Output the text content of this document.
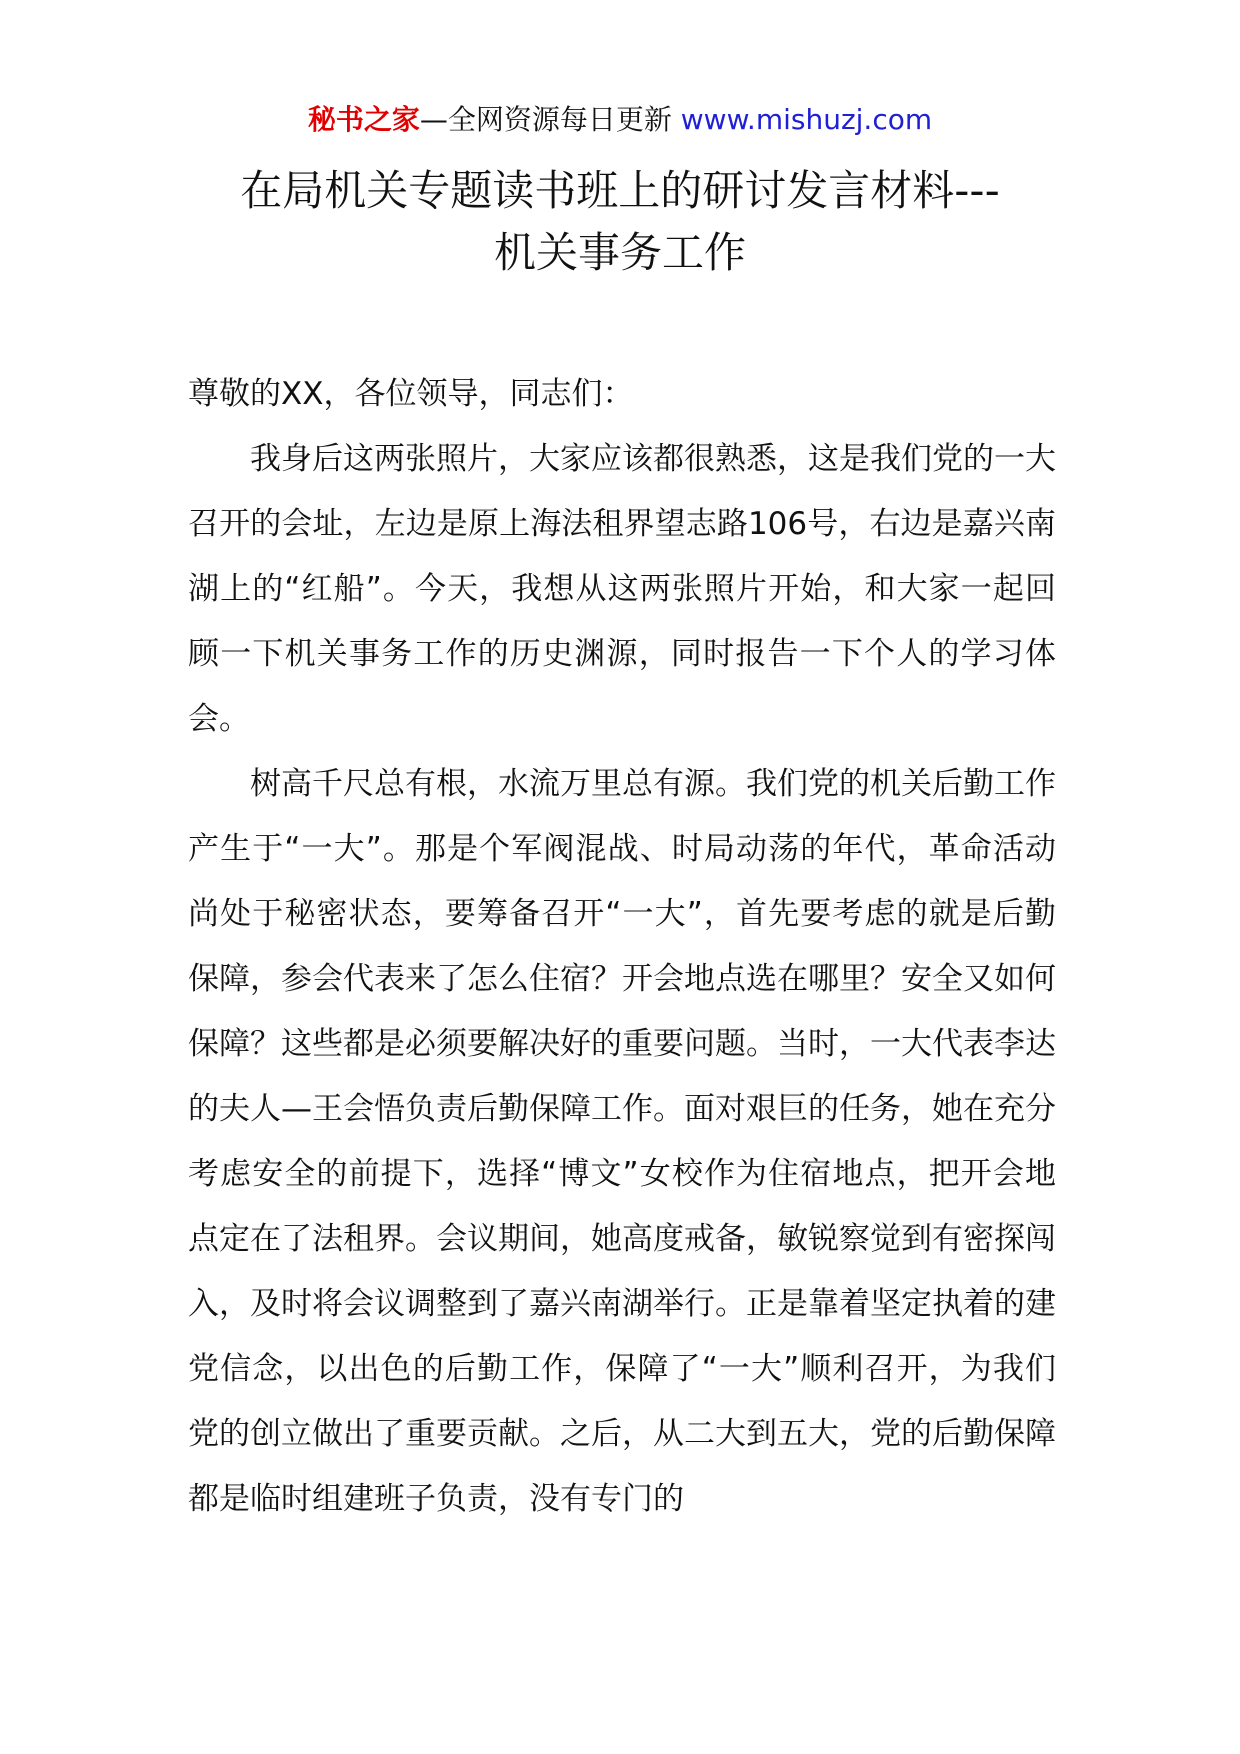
秘书之家—全网资源每日更新 www.mishuzj.com
在局机关专题读书班上的研讨发言材料---
机关事务工作

尊敬的XX，各位领导，同志们：

我身后这两张照片，大家应该都很熟悉，这是我们党的一大召开的会址，左边是原上海法租界望志路106号，右边是嘉兴南湖上的“红船”。今天，我想从这两张照片开始，和大家一起回顾一下机关事务工作的历史渊源，同时报告一下个人的学习体会。

树高千尺总有根，水流万里总有源。我们党的机关后勤工作产生于“一大”。那是个军阀混战、时局动荡的年代，革命活动尚处于秘密状态，要筹备召开“一大”，首先要考虑的就是后勤保障，参会代表来了怎么住宿？开会地点选在哪里？安全又如何保障？这些都是必须要解决好的重要问题。当时，一大代表李达的夫人—王会悟负责后勤保障工作。面对艰巨的任务，她在充分考虑安全的前提下，选择“博文”女校作为住宿地点，把开会地点定在了法租界。会议期间，她高度戒备，敏锐察觉到有密探闯入，及时将会议调整到了嘉兴南湖举行。正是靠着坚定执着的建党信念，以出色的后勤工作，保障了“一大”顺利召开，为我们党的创立做出了重要贡献。之后，从二大到五大，党的后勤保障都是临时组建班子负责，没有专门的
